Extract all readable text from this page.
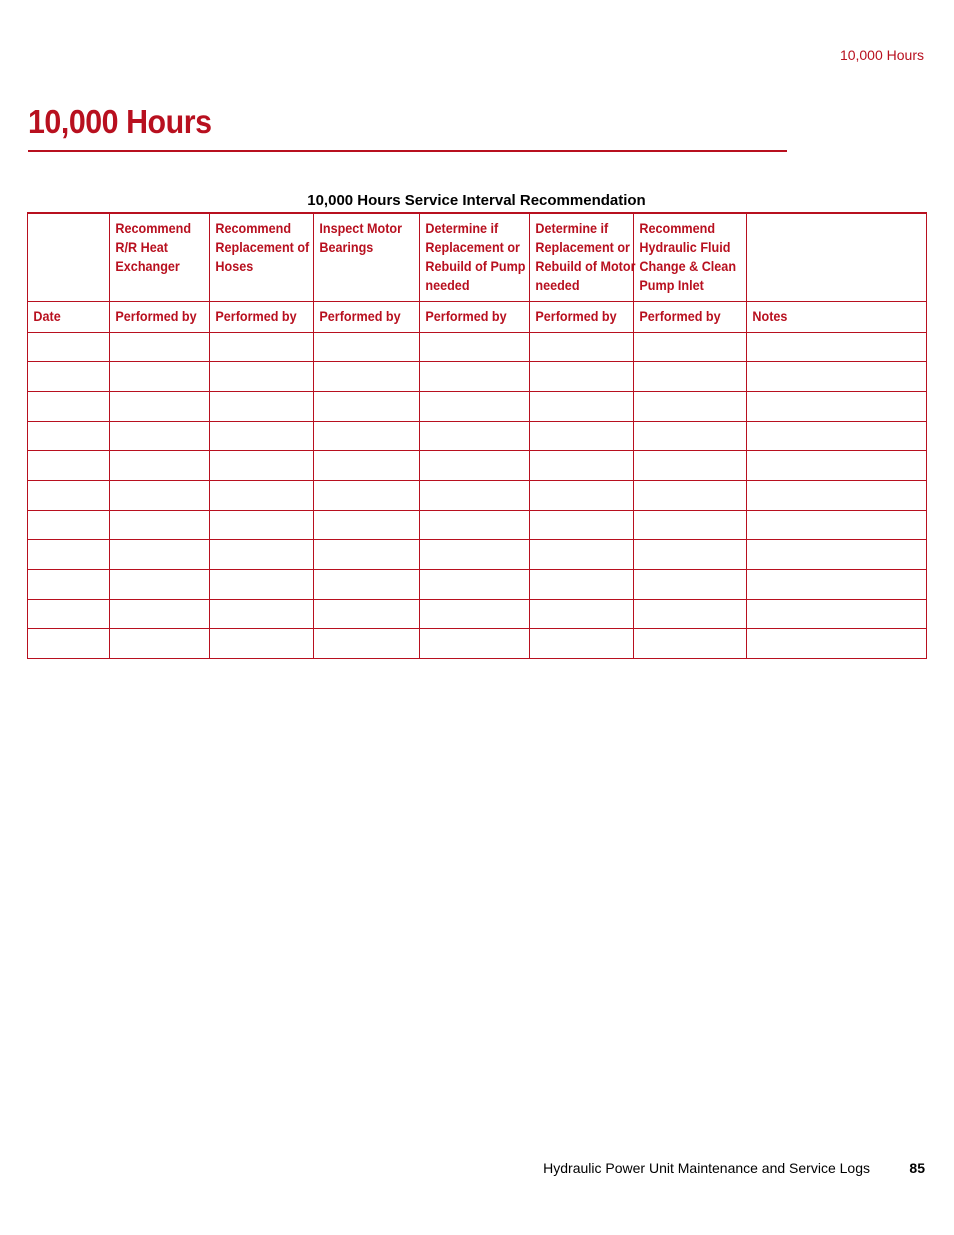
10,000 Hours
10,000 Hours
10,000 Hours Service Interval Recommendation

	Recommend R/R Heat Exchanger	Recommend Replacement of Hoses	Inspect Motor Bearings	Determine if Replacement or Rebuild of Pump needed	Determine if Replacement or Rebuild of Motor needed	Recommend Hydraulic Fluid Change & Clean Pump Inlet	

Date	Performed by	Performed by	Performed by	Performed by	Performed by	Performed by	Notes

Hydraulic Power Unit Maintenance and Service Logs	85
